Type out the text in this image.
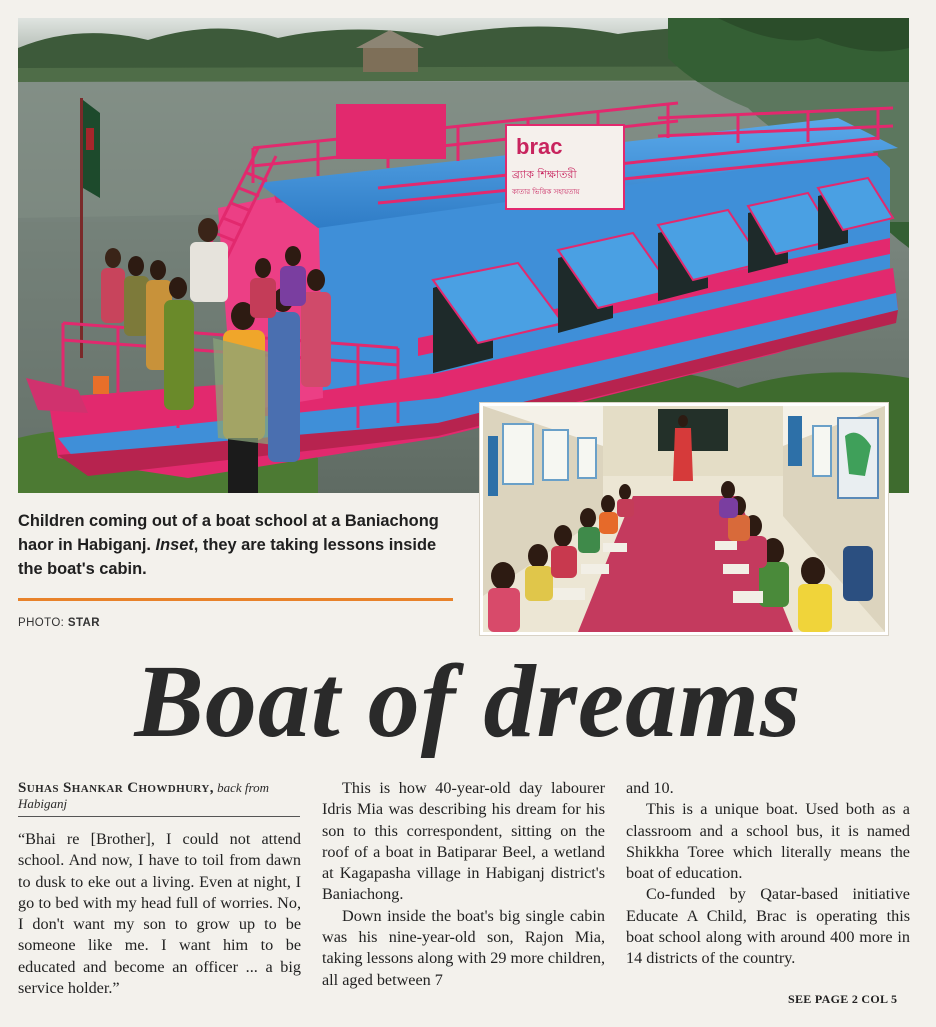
brac
ব্র্যাক শিক্ষাতরী
কাতার ভিত্তিক সহায়তায়
Children coming out of a boat school at a Baniachong haor in Habiganj. Inset, they are taking lessons inside the boat's cabin.
PHOTO: STAR
Boat of dreams
Suhas Shankar Chowdhury, back from Habiganj

“Bhai re [Brother], I could not attend school. And now, I have to toil from dawn to dusk to eke out a living. Even at night, I go to bed with my head full of worries. No, I don't want my son to grow up to be someone like me. I want him to be educated and become an officer ... a big service holder.”

This is how 40-year-old day labourer Idris Mia was describing his dream for his son to this correspondent, sitting on the roof of a boat in Batiparar Beel, a wetland at Kagapasha village in Habiganj district's Baniachong.

Down inside the boat's big single cabin was his nine-year-old son, Rajon Mia, taking lessons along with 29 more children, all aged between 7

and 10.

This is a unique boat. Used both as a classroom and a school bus, it is named Shikkha Toree which literally means the boat of education.

Co-funded by Qatar-based initiative Educate A Child, Brac is operating this boat school along with around 400 more in 14 districts of the country.

SEE PAGE 2 COL 5
